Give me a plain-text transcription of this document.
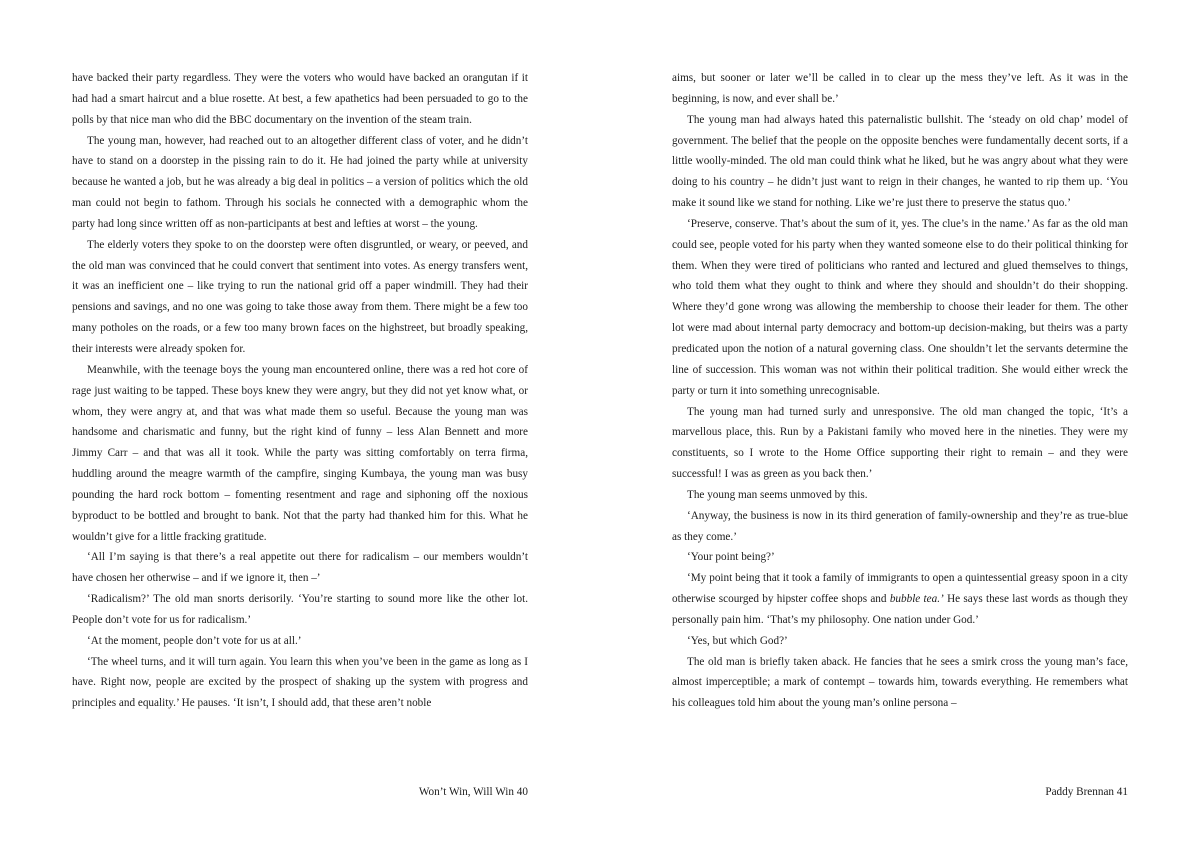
have backed their party regardless. They were the voters who would have backed an orangutan if it had had a smart haircut and a blue rosette. At best, a few apathetics had been persuaded to go to the polls by that nice man who did the BBC documentary on the invention of the steam train.

The young man, however, had reached out to an altogether different class of voter, and he didn’t have to stand on a doorstep in the pissing rain to do it. He had joined the party while at university because he wanted a job, but he was already a big deal in politics – a version of politics which the old man could not begin to fathom. Through his socials he connected with a demographic whom the party had long since written off as non-participants at best and lefties at worst – the young.

The elderly voters they spoke to on the doorstep were often disgruntled, or weary, or peeved, and the old man was convinced that he could convert that sentiment into votes. As energy transfers went, it was an inefficient one – like trying to run the national grid off a paper windmill. They had their pensions and savings, and no one was going to take those away from them. There might be a few too many potholes on the roads, or a few too many brown faces on the highstreet, but broadly speaking, their interests were already spoken for.

Meanwhile, with the teenage boys the young man encountered online, there was a red hot core of rage just waiting to be tapped. These boys knew they were angry, but they did not yet know what, or whom, they were angry at, and that was what made them so useful. Because the young man was handsome and charismatic and funny, but the right kind of funny – less Alan Bennett and more Jimmy Carr – and that was all it took. While the party was sitting comfortably on terra firma, huddling around the meagre warmth of the campfire, singing Kumbaya, the young man was busy pounding the hard rock bottom – fomenting resentment and rage and siphoning off the noxious byproduct to be bottled and brought to bank. Not that the party had thanked him for this. What he wouldn’t give for a little fracking gratitude.

‘All I’m saying is that there’s a real appetite out there for radicalism – our members wouldn’t have chosen her otherwise – and if we ignore it, then –’

‘Radicalism?’ The old man snorts derisorily. ‘You’re starting to sound more like the other lot. People don’t vote for us for radicalism.’

‘At the moment, people don’t vote for us at all.’

‘The wheel turns, and it will turn again. You learn this when you’ve been in the game as long as I have. Right now, people are excited by the prospect of shaking up the system with progress and principles and equality.’ He pauses. ‘It isn’t, I should add, that these aren’t noble

Won’t Win, Will Win 40

aims, but sooner or later we’ll be called in to clear up the mess they’ve left. As it was in the beginning, is now, and ever shall be.’

The young man had always hated this paternalistic bullshit. The ‘steady on old chap’ model of government. The belief that the people on the opposite benches were fundamentally decent sorts, if a little woolly-minded. The old man could think what he liked, but he was angry about what they were doing to his country – he didn’t just want to reign in their changes, he wanted to rip them up. ‘You make it sound like we stand for nothing. Like we’re just there to preserve the status quo.’

‘Preserve, conserve. That’s about the sum of it, yes. The clue’s in the name.’ As far as the old man could see, people voted for his party when they wanted someone else to do their political thinking for them. When they were tired of politicians who ranted and lectured and glued themselves to things, who told them what they ought to think and where they should and shouldn’t do their shopping. Where they’d gone wrong was allowing the membership to choose their leader for them. The other lot were mad about internal party democracy and bottom-up decision-making, but theirs was a party predicated upon the notion of a natural governing class. One shouldn’t let the servants determine the line of succession. This woman was not within their political tradition. She would either wreck the party or turn it into something unrecognisable.

The young man had turned surly and unresponsive. The old man changed the topic, ‘It’s a marvellous place, this. Run by a Pakistani family who moved here in the nineties. They were my constituents, so I wrote to the Home Office supporting their right to remain – and they were successful! I was as green as you back then.’

The young man seems unmoved by this.

‘Anyway, the business is now in its third generation of family-ownership and they’re as true-blue as they come.’

‘Your point being?’

‘My point being that it took a family of immigrants to open a quintessential greasy spoon in a city otherwise scourged by hipster coffee shops and bubble tea.’ He says these last words as though they personally pain him. ‘That’s my philosophy. One nation under God.’

‘Yes, but which God?’

The old man is briefly taken aback. He fancies that he sees a smirk cross the young man’s face, almost imperceptible; a mark of contempt – towards him, towards everything. He remembers what his colleagues told him about the young man’s online persona –

Paddy Brennan 41
